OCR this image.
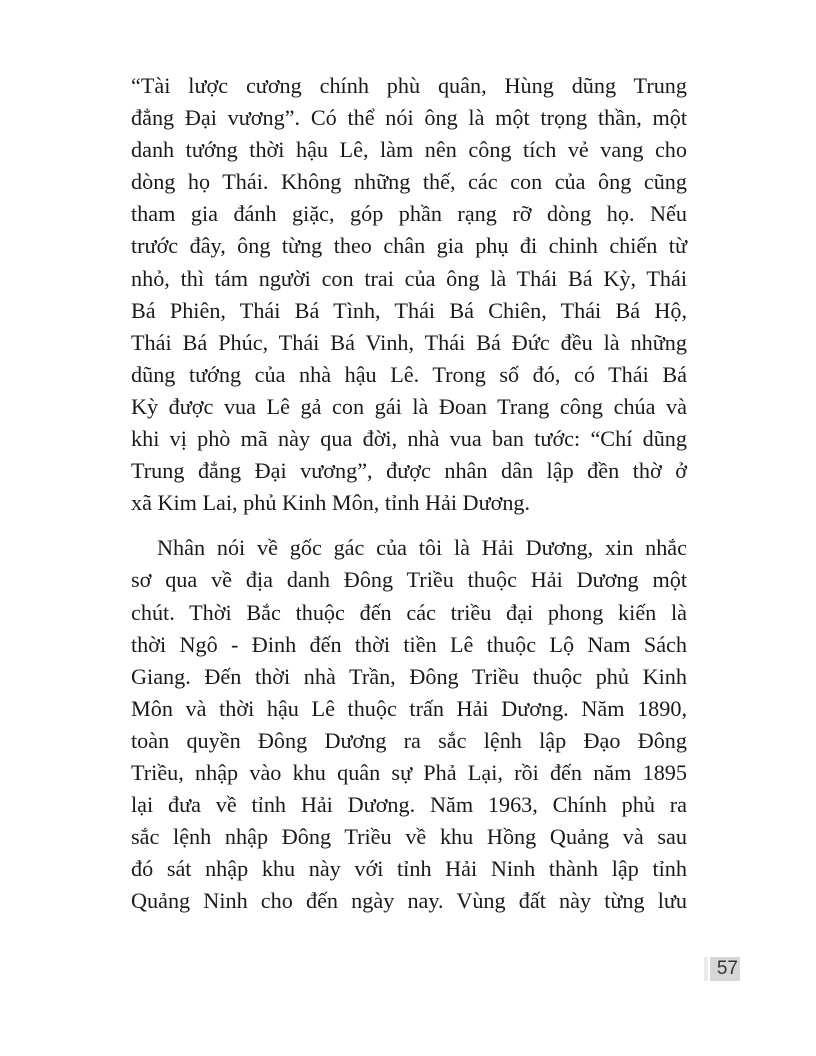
“Tài lược cương chính phù quân, Hùng dũng Trung
đẳng Đại vương”. Có thể nói ông là một trọng thần, một
danh tướng thời hậu Lê, làm nên công tích vẻ vang cho
dòng họ Thái. Không những thế, các con của ông cũng
tham gia đánh giặc, góp phần rạng rỡ dòng họ. Nếu
trước đây, ông từng theo chân gia phụ đi chinh chiến từ
nhỏ, thì tám người con trai của ông là Thái Bá Kỳ, Thái
Bá Phiên, Thái Bá Tình, Thái Bá Chiên, Thái Bá Hộ,
Thái Bá Phúc, Thái Bá Vinh, Thái Bá Đức đều là những
dũng tướng của nhà hậu Lê. Trong số đó, có Thái Bá
Kỳ được vua Lê gả con gái là Đoan Trang công chúa và
khi vị phò mã này qua đời, nhà vua ban tước: “Chí dũng
Trung đẳng Đại vương”, được nhân dân lập đền thờ ở
xã Kim Lai, phủ Kinh Môn, tỉnh Hải Dương.

Nhân nói về gốc gác của tôi là Hải Dương, xin nhắc
sơ qua về địa danh Đông Triều thuộc Hải Dương một
chút. Thời Bắc thuộc đến các triều đại phong kiến là
thời Ngô - Đinh đến thời tiền Lê thuộc Lộ Nam Sách
Giang. Đến thời nhà Trần, Đông Triều thuộc phủ Kinh
Môn và thời hậu Lê thuộc trấn Hải Dương. Năm 1890,
toàn quyền Đông Dương ra sắc lệnh lập Đạo Đông
Triều, nhập vào khu quân sự Phả Lại, rồi đến năm 1895
lại đưa về tỉnh Hải Dương. Năm 1963, Chính phủ ra
sắc lệnh nhập Đông Triều về khu Hồng Quảng và sau
đó sát nhập khu này với tỉnh Hải Ninh thành lập tỉnh
Quảng Ninh cho đến ngày nay. Vùng đất này từng lưu

57
